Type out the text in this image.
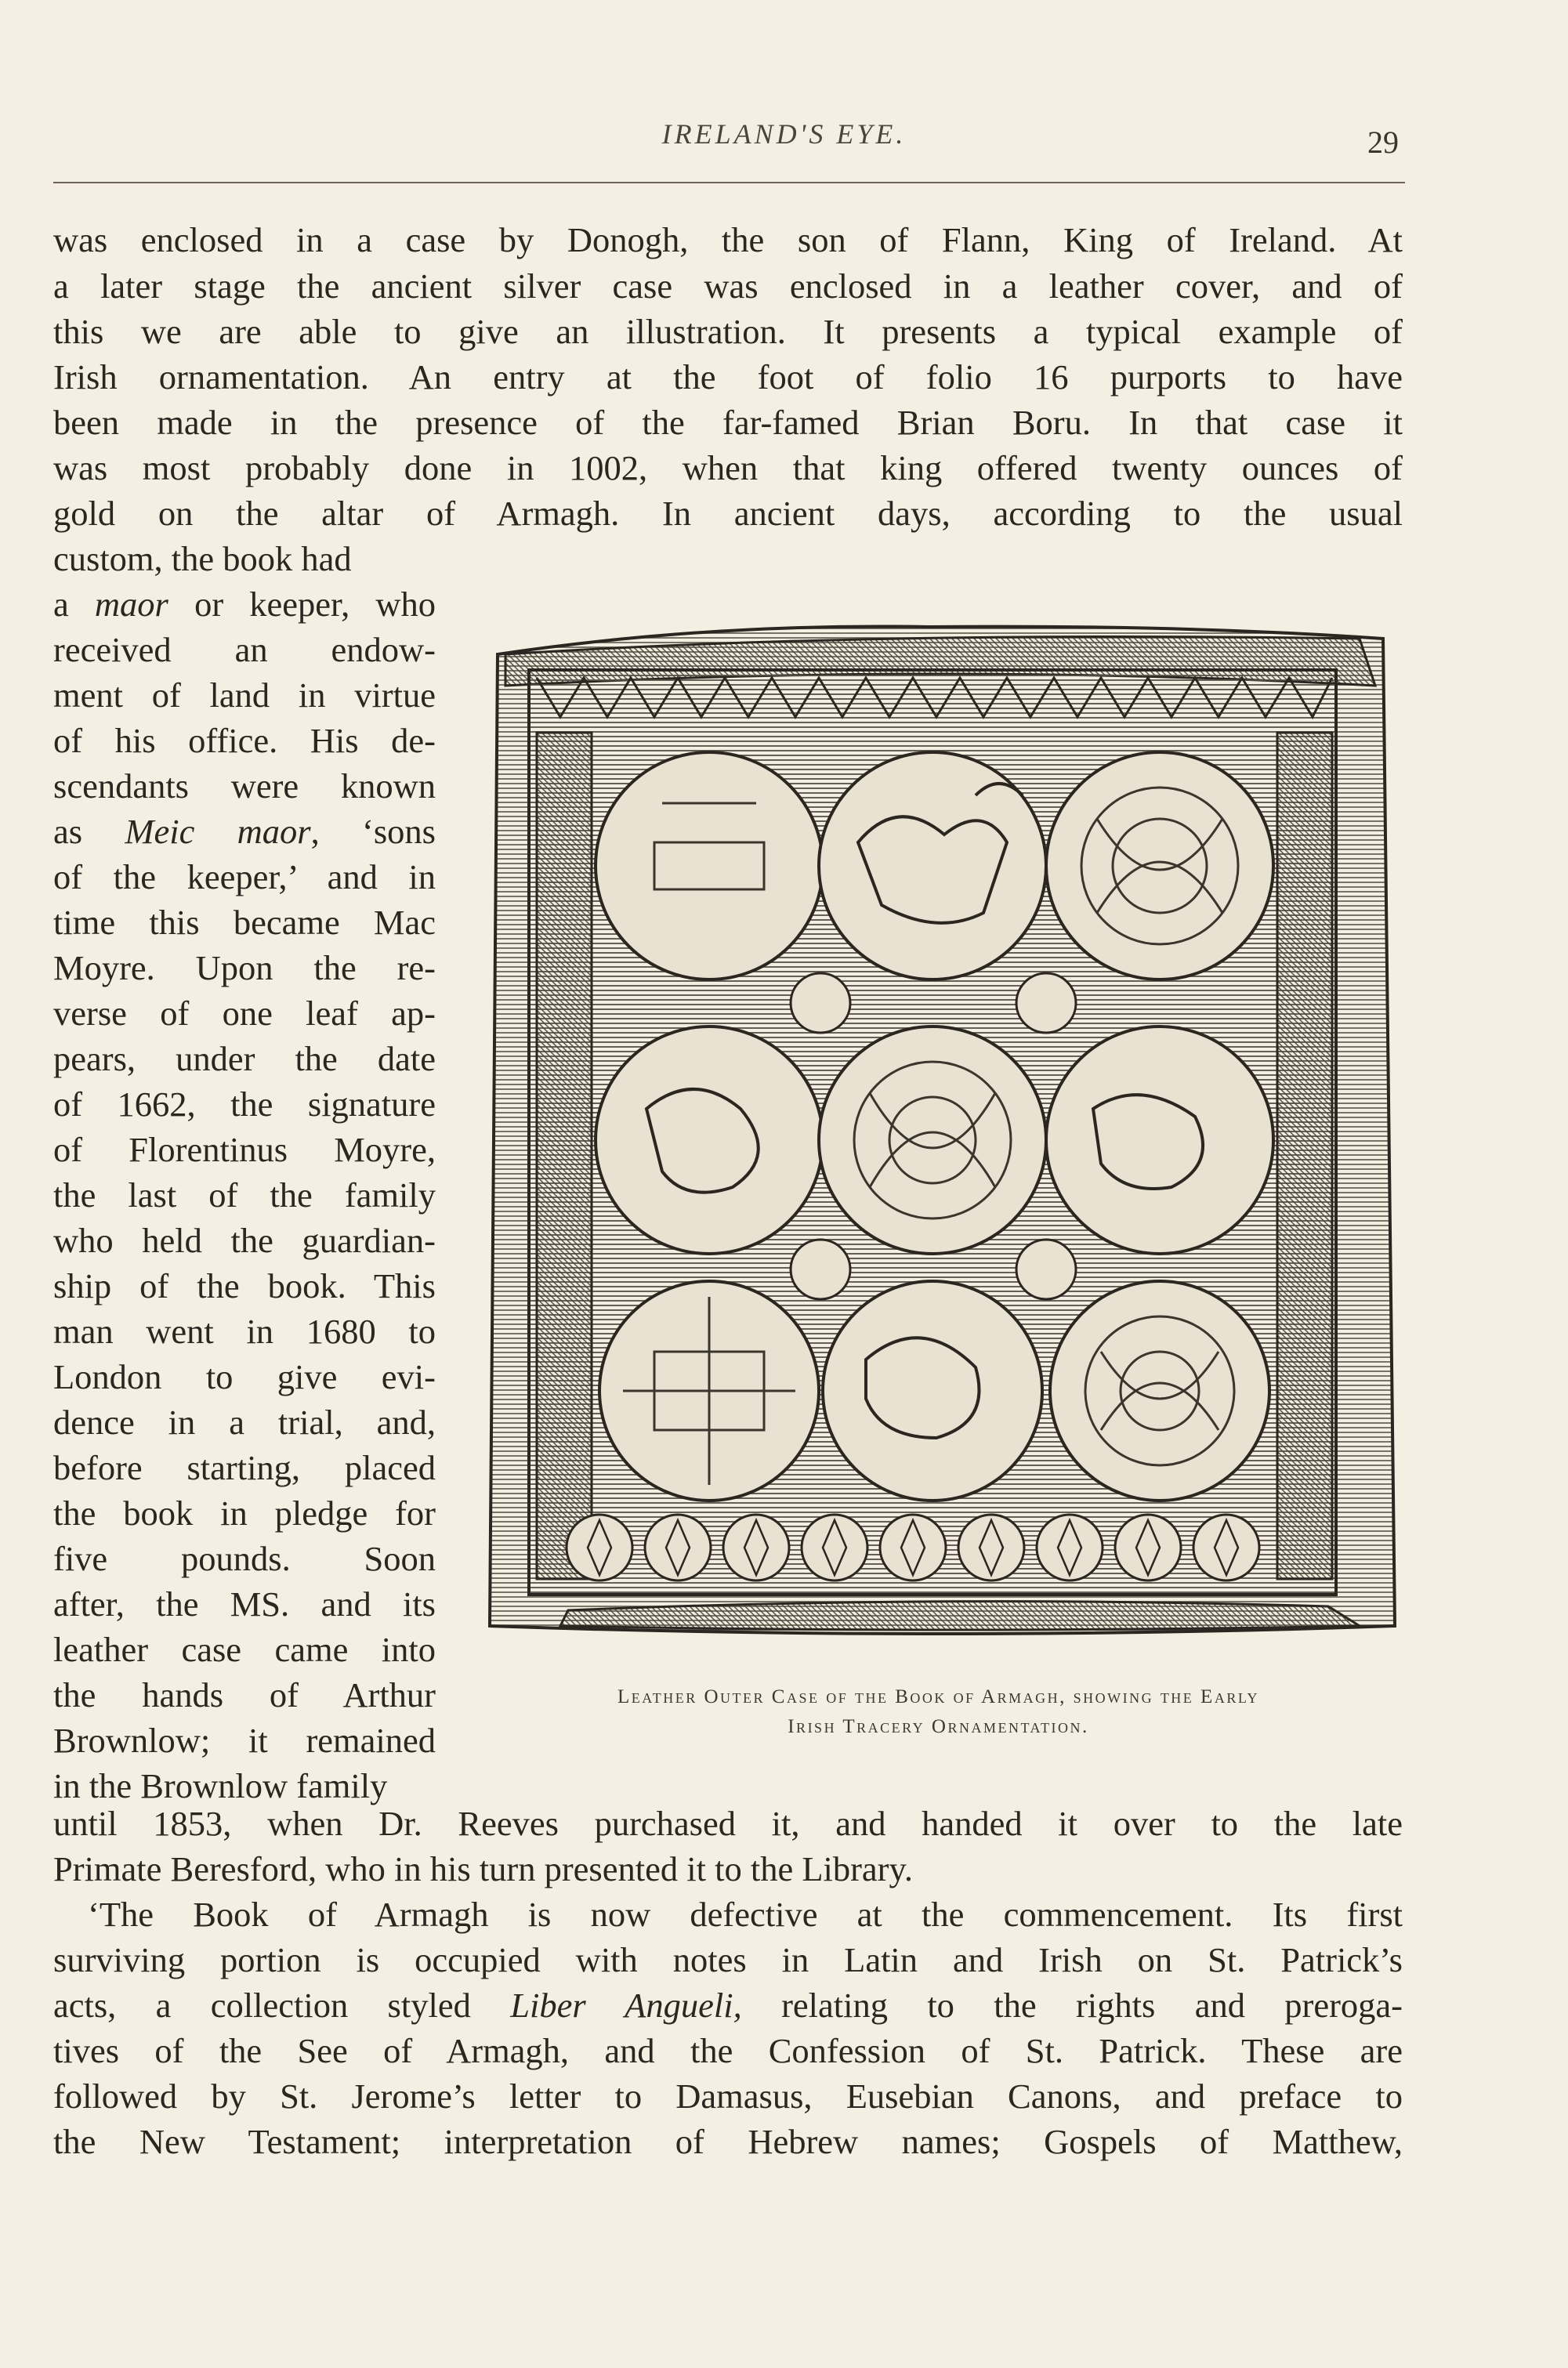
IRELAND'S EYE.	29
was enclosed in a case by Donogh, the son of Flann, King of Ireland. At
a later stage the ancient silver case was enclosed in a leather cover, and of
this we are able to give an illustration. It presents a typical example of
Irish ornamentation. An entry at the foot of folio 16 purports to have
been made in the presence of the far-famed Brian Boru. In that case it
was most probably done in 1002, when that king offered twenty ounces of
gold on the altar of Armagh. In ancient days, according to the usual
custom, the book had
a maor or keeper, who
received an endow-
ment of land in virtue
of his office. His de-
scendants were known
as Meic maor, ‘sons
of the keeper,’ and in
time this became Mac
Moyre. Upon the re-
verse of one leaf ap-
pears, under the date
of 1662, the signature
of Florentinus Moyre,
the last of the family
who held the guardian-
ship of the book. This
man went in 1680 to
London to give evi-
dence in a trial, and,
before starting, placed
the book in pledge for
five pounds. Soon
after, the MS. and its
leather case came into
the hands of Arthur
Brownlow; it remained
in the Brownlow family
until 1853, when Dr. Reeves purchased it, and handed it over to the late
Primate Beresford, who in his turn presented it to the Library.
‘The Book of Armagh is now defective at the commencement. Its first
surviving portion is occupied with notes in Latin and Irish on St. Patrick’s
acts, a collection styled Liber Angueli, relating to the rights and preroga-
tives of the See of Armagh, and the Confession of St. Patrick. These are
followed by St. Jerome’s letter to Damasus, Eusebian Canons, and preface to
the New Testament; interpretation of Hebrew names; Gospels of Matthew,
Leather Outer Case of the Book of Armagh, showing the Early
Irish Tracery Ornamentation.
